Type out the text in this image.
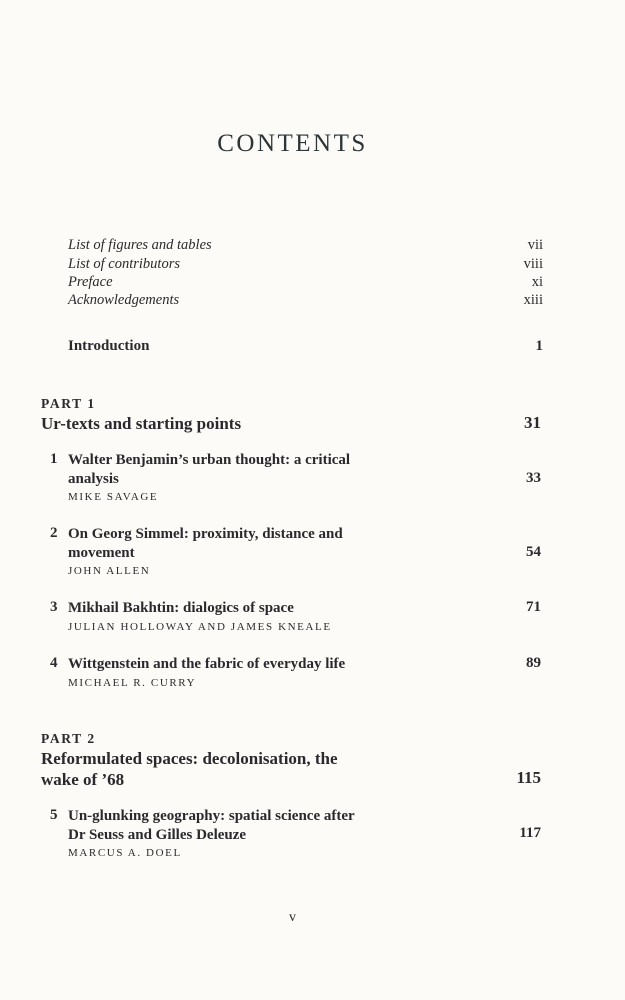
CONTENTS
List of figures and tables	vii
List of contributors	viii
Preface	xi
Acknowledgements	xiii
Introduction	1
PART 1
Ur-texts and starting points	31
1 Walter Benjamin’s urban thought: a critical
analysis	33
MIKE SAVAGE
2 On Georg Simmel: proximity, distance and
movement	54
JOHN ALLEN
3 Mikhail Bakhtin: dialogics of space	71
JULIAN HOLLOWAY AND JAMES KNEALE
4 Wittgenstein and the fabric of everyday life	89
MICHAEL R. CURRY
PART 2
Reformulated spaces: decolonisation, the
wake of ’68	115
5 Un-glunking geography: spatial science after
Dr Seuss and Gilles Deleuze	117
MARCUS A. DOEL
v
